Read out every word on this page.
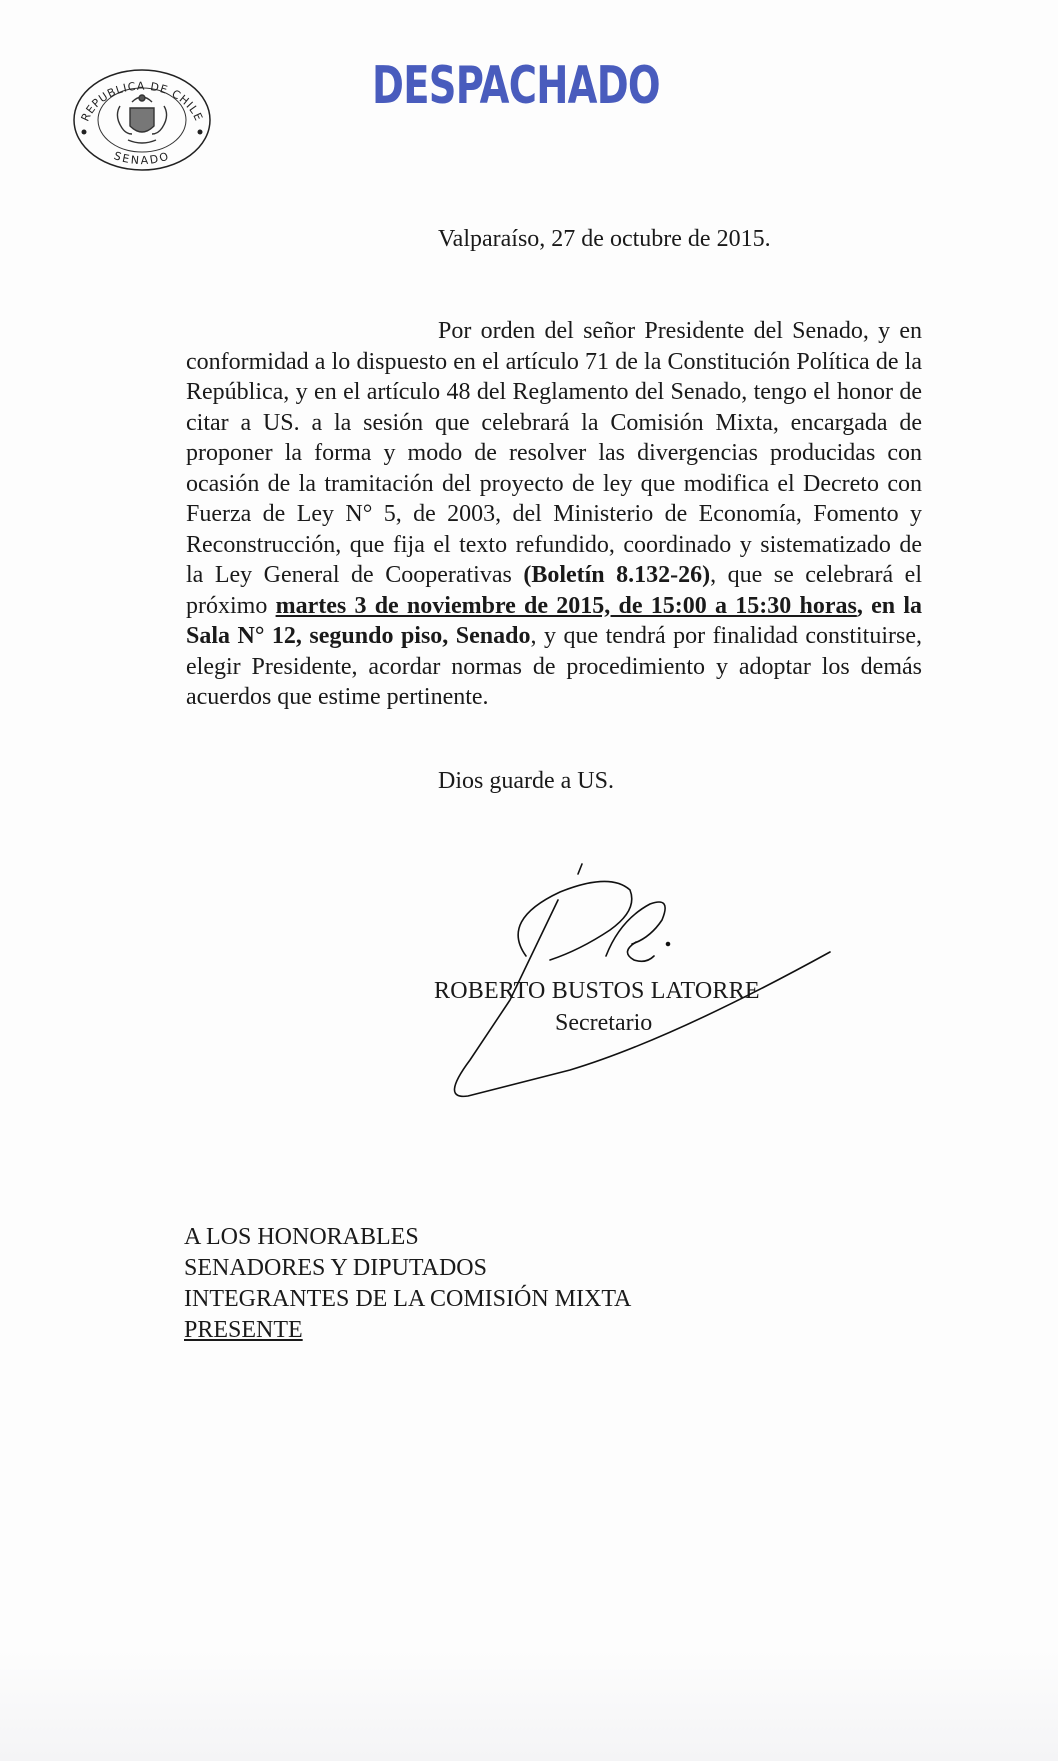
REPUBLICA DE CHILE
SENADO
DESPACHADO
Valparaíso, 27 de octubre de 2015.
Por orden del señor Presidente del Senado, y en conformidad a lo dispuesto en el artículo 71 de la Constitución Política de la República, y en el artículo 48 del Reglamento del Senado, tengo el honor de citar a US. a la sesión que celebrará la Comisión Mixta, encargada de proponer la forma y modo de resolver las divergencias producidas con ocasión de la tramitación del proyecto de ley que modifica el Decreto con Fuerza de Ley N° 5, de 2003, del Ministerio de Economía, Fomento y Reconstrucción, que fija el texto refundido, coordinado y sistematizado de la Ley General de Cooperativas (Boletín 8.132-26), que se celebrará el próximo martes 3 de noviembre de 2015, de 15:00 a 15:30 horas, en la Sala N° 12, segundo piso, Senado, y que tendrá por finalidad constituirse, elegir Presidente, acordar normas de procedimiento y adoptar los demás acuerdos que estime pertinente.
Dios guarde a US.
ROBERTO BUSTOS LATORRE
Secretario
A LOS HONORABLES
SENADORES Y DIPUTADOS
INTEGRANTES DE LA COMISIÓN MIXTA
PRESENTE
